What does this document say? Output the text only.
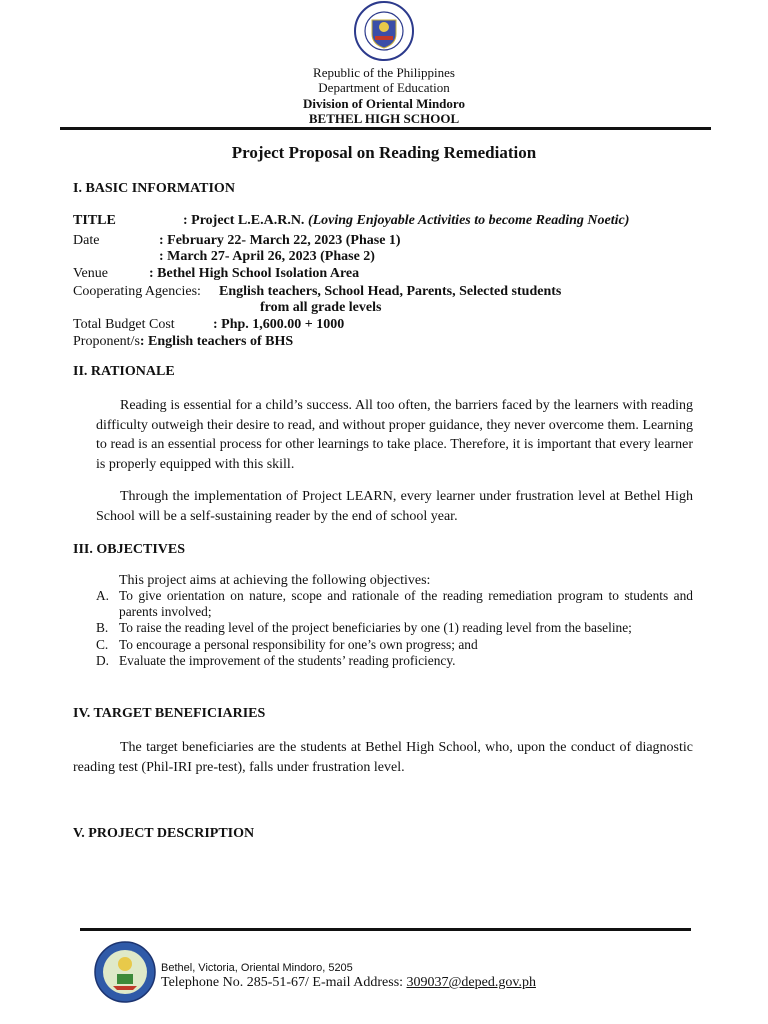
Republic of the Philippines
Department of Education
Division of Oriental Mindoro
BETHEL HIGH SCHOOL
Project Proposal on Reading Remediation
I. BASIC INFORMATION
TITLE	: Project L.E.A.R.N. (Loving Enjoyable Activities to become Reading Noetic)
Date	: February 22- March 22, 2023 (Phase 1)
: March 27- April 26, 2023 (Phase 2)
Venue	: Bethel High School Isolation Area
Cooperating Agencies: English teachers, School Head, Parents, Selected students
from all grade levels
Total Budget Cost	: Php. 1,600.00 + 1000
Proponent/s: English teachers of BHS
II. RATIONALE

Reading is essential for a child’s success. All too often, the barriers faced by the learners with reading difficulty outweigh their desire to read, and without proper guidance, they never overcome them. Learning to read is an essential process for other learnings to take place. Therefore, it is important that every learner is properly equipped with this skill.

Through the implementation of Project LEARN, every learner under frustration level at Bethel High School will be a self-sustaining reader by the end of school year.

III. OBJECTIVES
This project aims at achieving the following objectives:
A. To give orientation on nature, scope and rationale of the reading remediation program to students and parents involved;
B. To raise the reading level of the project beneficiaries by one (1) reading level from the baseline;
C. To encourage a personal responsibility for one’s own progress; and
D. Evaluate the improvement of the students’ reading proficiency.
IV. TARGET BENEFICIARIES

The target beneficiaries are the students at Bethel High School, who, upon the conduct of diagnostic reading test (Phil-IRI pre-test), falls under frustration level.

V. PROJECT DESCRIPTION
Bethel, Victoria, Oriental Mindoro, 5205
Telephone No. 285-51-67/ E-mail Address: 309037@deped.gov.ph
